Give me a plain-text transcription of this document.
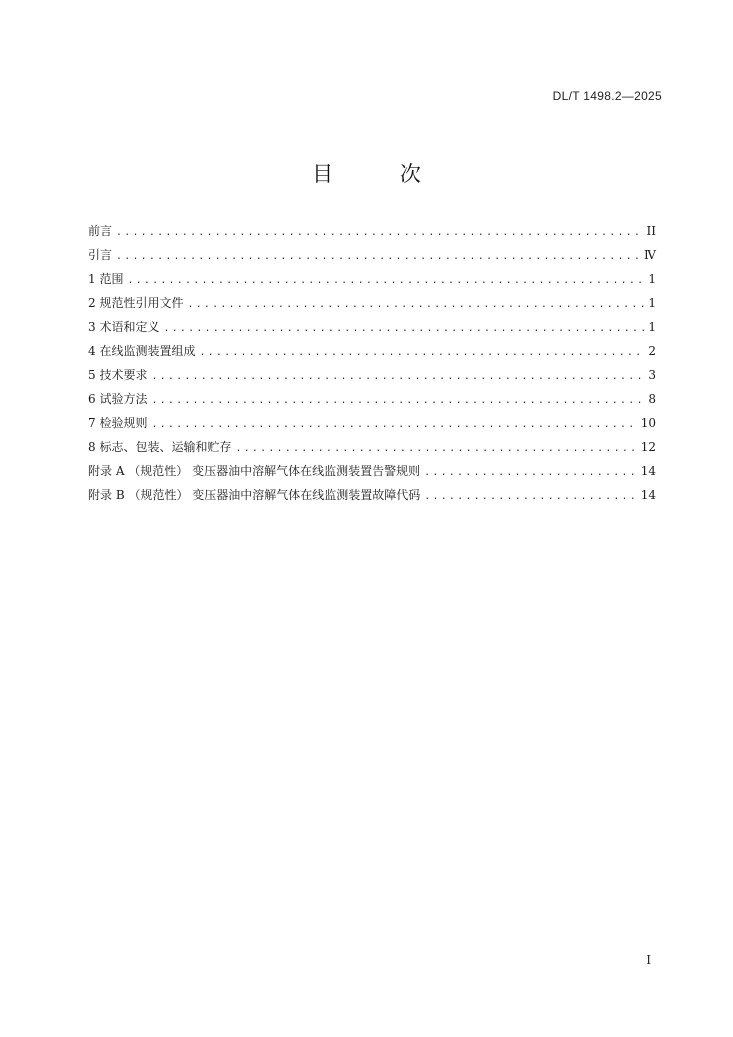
DL/T 1498.2—2025
目 次
前言 .....	II
引言 .....	Ⅳ
1 范围 .....	1
2 规范性引用文件 .....	1
3 术语和定义 .....	1
4 在线监测装置组成 .....	2
5 技术要求 .....	3
6 试验方法 .....	8
7 检验规则 .....	10
8 标志、包装、运输和贮存 .....	12
附录 A （规范性） 变压器油中溶解气体在线监测装置告警规则 .....	14
附录 B （规范性） 变压器油中溶解气体在线监测装置故障代码 .....	14
I
